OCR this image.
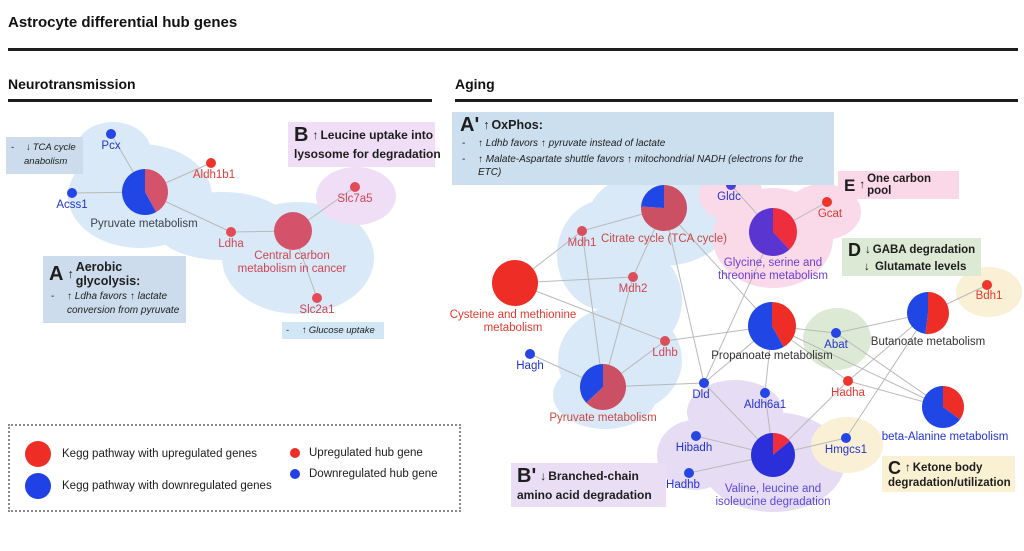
Astrocyte differential hub genes
Neurotransmission	Aging
Pyruvate metabolism
Central carbon metabolism in cancer
Pcx
Acss1
Aldh1b1
Ldha
Slc7a5
Slc2a1
Citrate cycle (TCA cycle)
Glycine, serine and threonine metabolism
Cysteine and methionine metabolism
Propanoate metabolism
Pyruvate metabolism
Butanoate metabolism
beta-Alanine metabolism
Valine, leucine and isoleucine degradation
Mdh1
Mdh2
Ldhb
Hagh
Gldc
Gcat
Dld
Aldh6a1
Hibadh
Hadhb
Hmgcs1
Abat
Hadha
Bdh1
-	↓ TCA cycle anabolism
A ↑ Aerobic glycolysis:
-	↑ Ldha favors ↑ lactate conversion from pyruvate
B ↑ Leucine uptake into
lysosome for degradation
-	↑ Glucose uptake
A' ↑ OxPhos:
-	↑ Ldhb favors ↑ pyruvate instead of lactate
-	↑ Malate-Aspartate shuttle favors ↑ mitochondrial NADH (electrons for the ETC)
E ↑ One carbon pool
D ↓ GABA degradation
↓ Glutamate levels
C ↑ Ketone body
degradation/utilization
B' ↓ Branched-chain
amino acid degradation
Kegg pathway with upregulated genes
Kegg pathway with downregulated genes
Upregulated hub gene
Downregulated hub gene
